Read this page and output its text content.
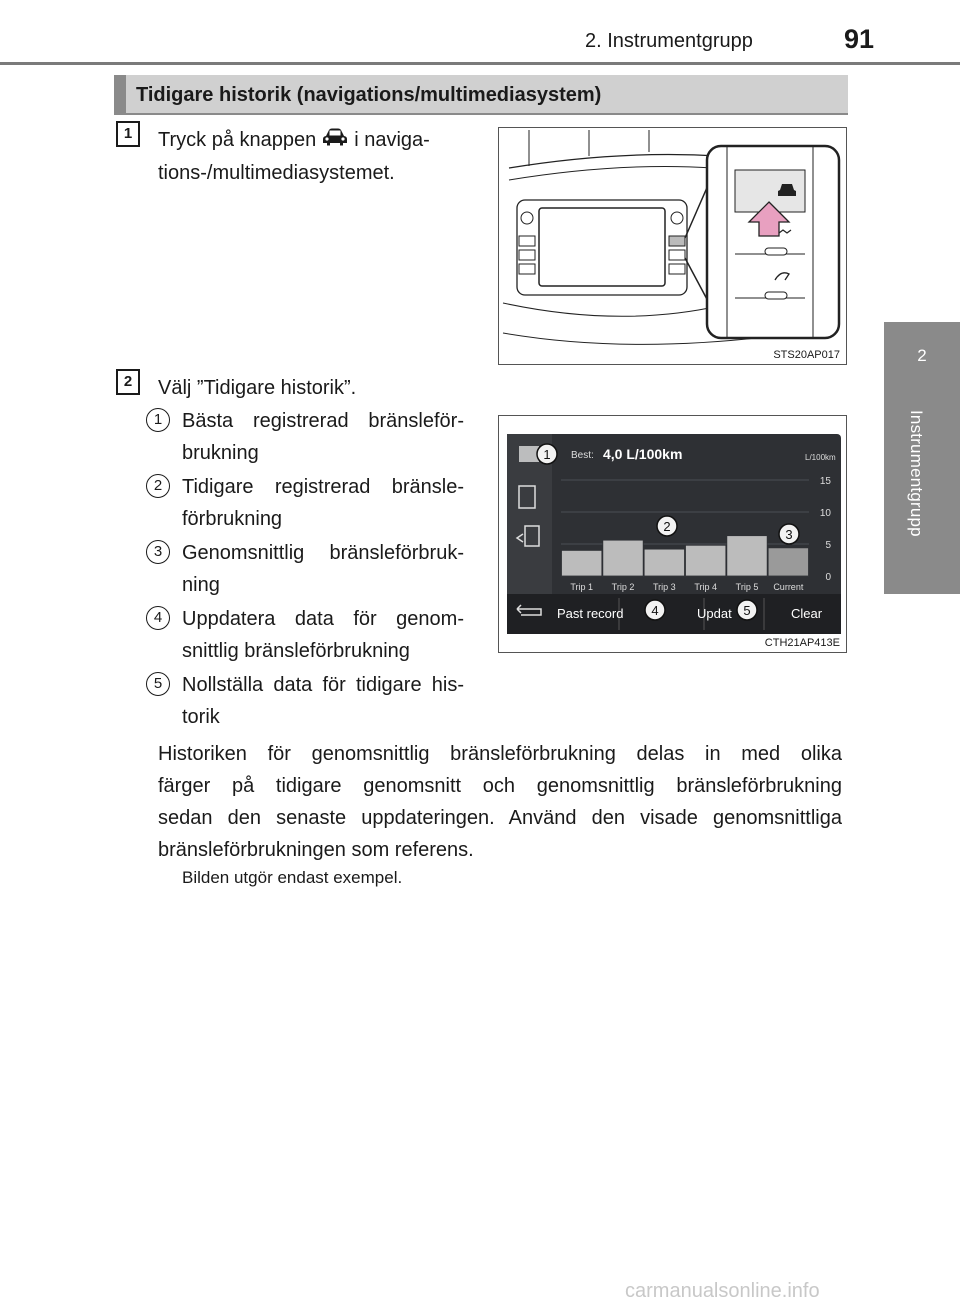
2. Instrumentgrupp	91
2
Instrumentgrupp
Tidigare historik (navigations/multimediasystem)
1	Tryck på knappen i naviga-
tions-/multimediasystemet.
STS20AP017
2	Välj ”Tidigare historik”.
1 Bästa registrerad bränsleför-
brukning
2 Tidigare registrerad bränsle-
förbrukning
3 Genomsnittlig bränsleförbruk-
ning
4 Uppdatera data för genom-
snittlig bränsleförbrukning
5 Nollställa data för tidigare his-
torik
Best: 4,0 L/100km	L/100km
15
10
5
0
Trip 1 Trip 2 Trip 3 Trip 4 Trip 5 Current
Past record	Updat	Clear
1
2
3
4	5
CTH21AP413E
Historiken för genomsnittlig bränsleförbrukning delas in med olika
färger på tidigare genomsnitt och genomsnittlig bränsleförbrukning
sedan den senaste uppdateringen. Använd den visade genomsnittliga
bränsleförbrukningen som referens.
Bilden utgör endast exempel.
carmanualsonline.info
